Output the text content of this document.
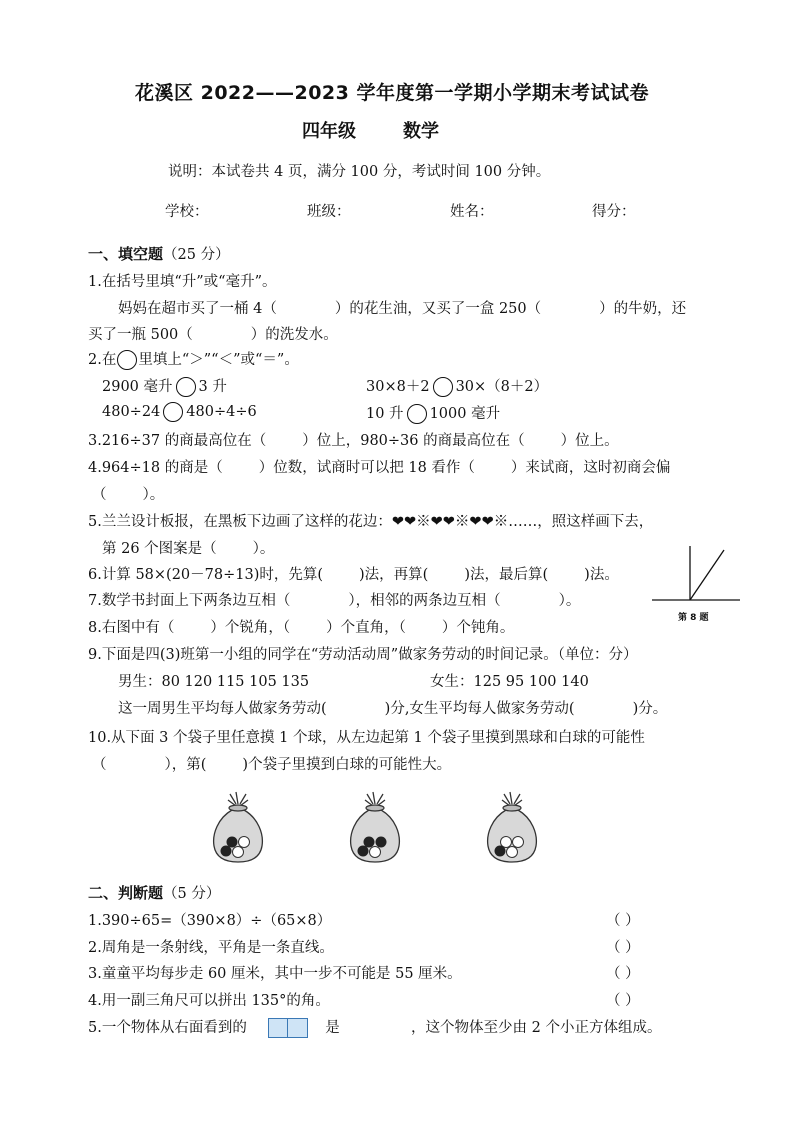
花溪区 2022——2023 学年度第一学期小学期末考试试卷
四年级	数学
说明：本试卷共 4 页，满分 100 分，考试时间 100 分钟。
学校：	班级：	姓名：	得分：
一、填空题（25 分）
1.在括号里填“升”或“毫升”。
妈妈在超市买了一桶 4（	）的花生油，又买了一盒 250（	）的牛奶，还
买了一瓶 500（	）的洗发水。
2.在 里填上“＞”“＜”或“＝”。
2900 毫升 3 升	30×8＋2 30×（8＋2）
480÷24 480÷4÷6	10 升 1000 毫升
3.216÷37 的商最高位在（ ）位上，980÷36 的商最高位在（ ）位上。
4.964÷18 的商是（ ）位数，试商时可以把 18 看作（ ）来试商，这时初商会偏
（ ）。
5.兰兰设计板报，在黑板下边画了这样的花边：❤❤※❤❤※❤❤※……，照这样画下去，
第 26 个图案是（ ）。
6.计算 58×(20－78÷13)时，先算( )法，再算( )法，最后算( )法。
7.数学书封面上下两条边互相（	），相邻的两条边互相（	）。
8.右图中有（ ）个锐角，（ ）个直角，（ ）个钝角。
第 8 题
9.下面是四(3)班第一小组的同学在“劳动活动周”做家务劳动的时间记录。（单位：分）
男生：80 120 115 105 135	女生：125 95 100 140
这一周男生平均每人做家务劳动(	)分,女生平均每人做家务劳动(	)分。
10.从下面 3 个袋子里任意摸 1 个球，从左边起第 1 个袋子里摸到黑球和白球的可能性
（	），第( )个袋子里摸到白球的可能性大。
二、判断题（5 分）
1.390÷65=（390×8）÷（65×8）	（ ）
2.周角是一条射线，平角是一条直线。	（ ）
3.童童平均每步走 60 厘米，其中一步不可能是 55 厘米。	（ ）
4.用一副三角尺可以拼出 135°的角。	（ ）
5.一个物体从右面看到的	是	，这个物体至少由 2 个小正方体组成。
